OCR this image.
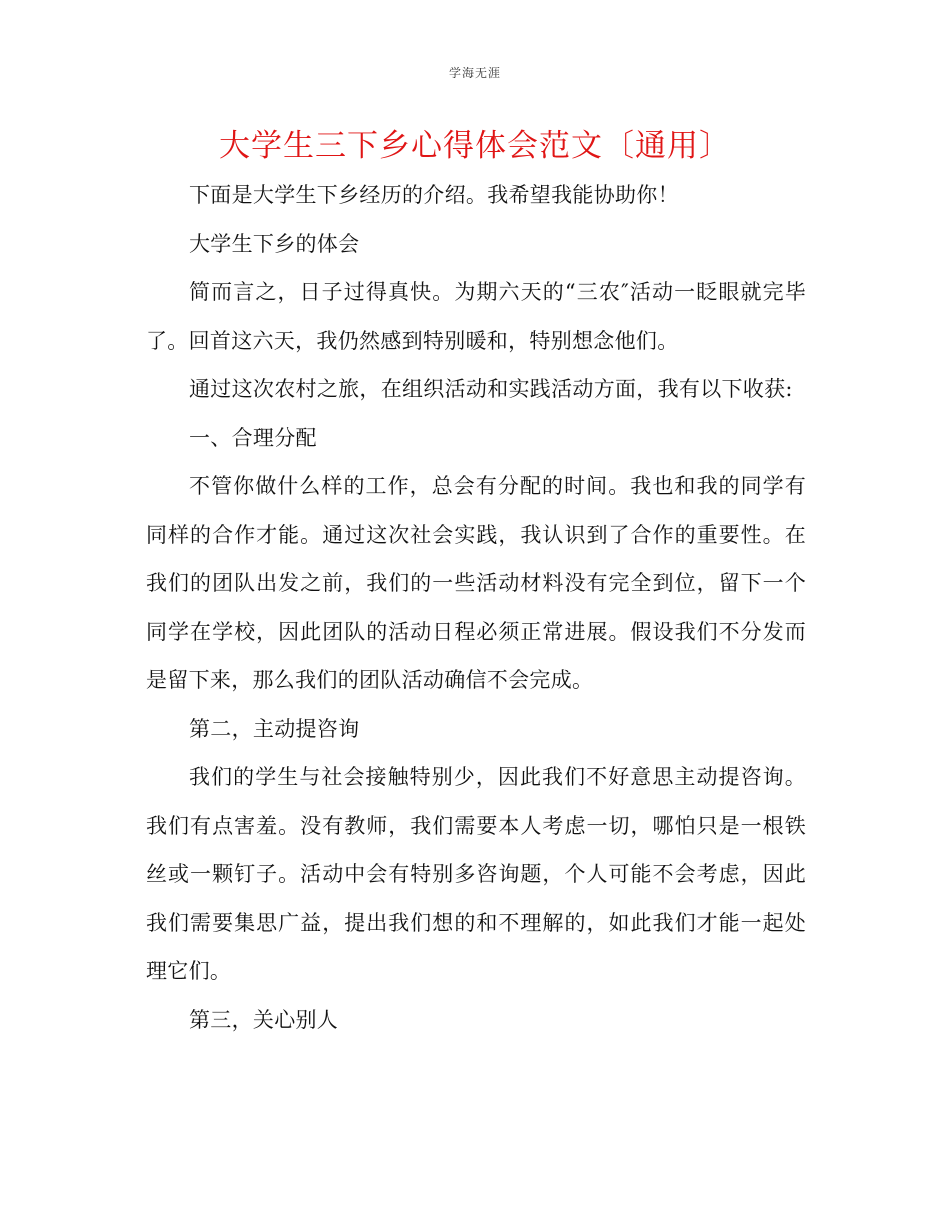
学海无涯
大学生三下乡心得体会范文〔通用〕

下面是大学生下乡经历的介绍。我希望我能协助你！

大学生下乡的体会

简而言之，日子过得真快。为期六天的“三农″活动一眨眼就完毕了。回首这六天，我仍然感到特别暖和，特别想念他们。

通过这次农村之旅，在组织活动和实践活动方面，我有以下收获:

一、合理分配

不管你做什么样的工作，总会有分配的时间。我也和我的同学有同样的合作才能。通过这次社会实践，我认识到了合作的重要性。在我们的团队出发之前，我们的一些活动材料没有完全到位，留下一个同学在学校，因此团队的活动日程必须正常进展。假设我们不分发而是留下来，那么我们的团队活动确信不会完成。

第二，主动提咨询

我们的学生与社会接触特别少，因此我们不好意思主动提咨询。我们有点害羞。没有教师，我们需要本人考虑一切，哪怕只是一根铁丝或一颗钉子。活动中会有特别多咨询题，个人可能不会考虑，因此我们需要集思广益，提出我们想的和不理解的，如此我们才能一起处理它们。

第三，关心别人
